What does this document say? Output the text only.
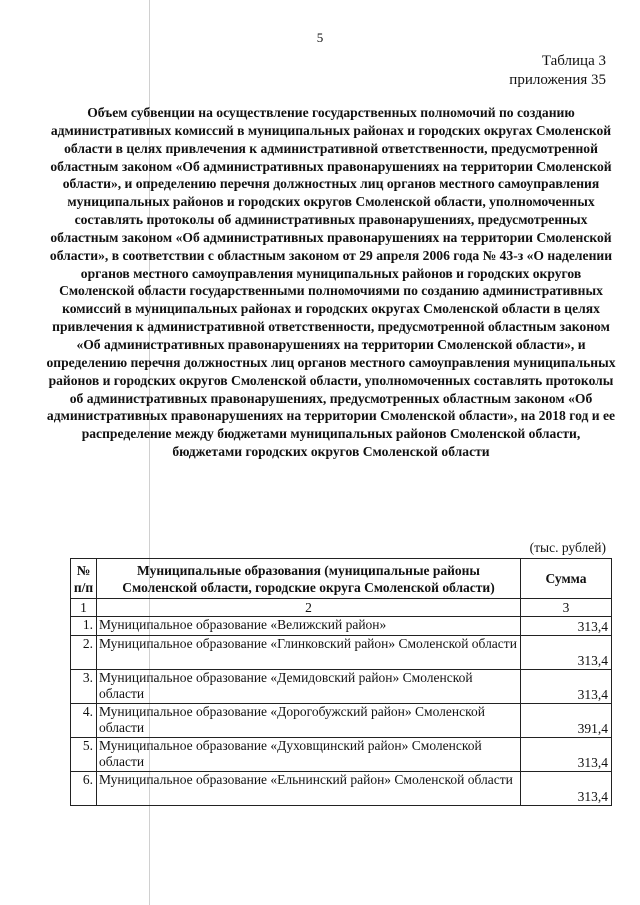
5
Таблица 3
приложения 35

Объем субвенции на осуществление государственных полномочий по созданию административных комиссий в муниципальных районах и городских округах Смоленской области в целях привлечения к административной ответственности, предусмотренной областным законом «Об административных правонарушениях на территории Смоленской области», и определению перечня должностных лиц органов местного самоуправления муниципальных районов и городских округов Смоленской области, уполномоченных составлять протоколы об административных правонарушениях, предусмотренных областным законом «Об административных правонарушениях на территории Смоленской области», в соответствии с областным законом от 29 апреля 2006 года № 43-з «О наделении органов местного самоуправления муниципальных районов и городских округов Смоленской области государственными полномочиями по созданию административных комиссий в муниципальных районах и городских округах Смоленской области в целях привлечения к административной ответственности, предусмотренной областным законом «Об административных правонарушениях на территории Смоленской области», и определению перечня должностных лиц органов местного самоуправления муниципальных районов и городских округов Смоленской области, уполномоченных составлять протоколы об административных правонарушениях, предусмотренных областным законом «Об административных правонарушениях на территории Смоленской области», на 2018 год и ее распределение между бюджетами муниципальных районов Смоленской области, бюджетами городских округов Смоленской области

(тыс. рублей)
№ п/п	Муниципальные образования (муниципальные районы Смоленской области, городские округа Смоленской области)	Сумма
1	2	3
1.	Муниципальное образование «Велижский район»	313,4
2.	Муниципальное образование «Глинковский район» Смоленской области	313,4
3.	Муниципальное образование «Демидовский район» Смоленской области	313,4
4.	Муниципальное образование «Дорогобужский район» Смоленской области	391,4
5.	Муниципальное образование «Духовщинский район» Смоленской области	313,4
6.	Муниципальное образование «Ельнинский район» Смоленской области	313,4
